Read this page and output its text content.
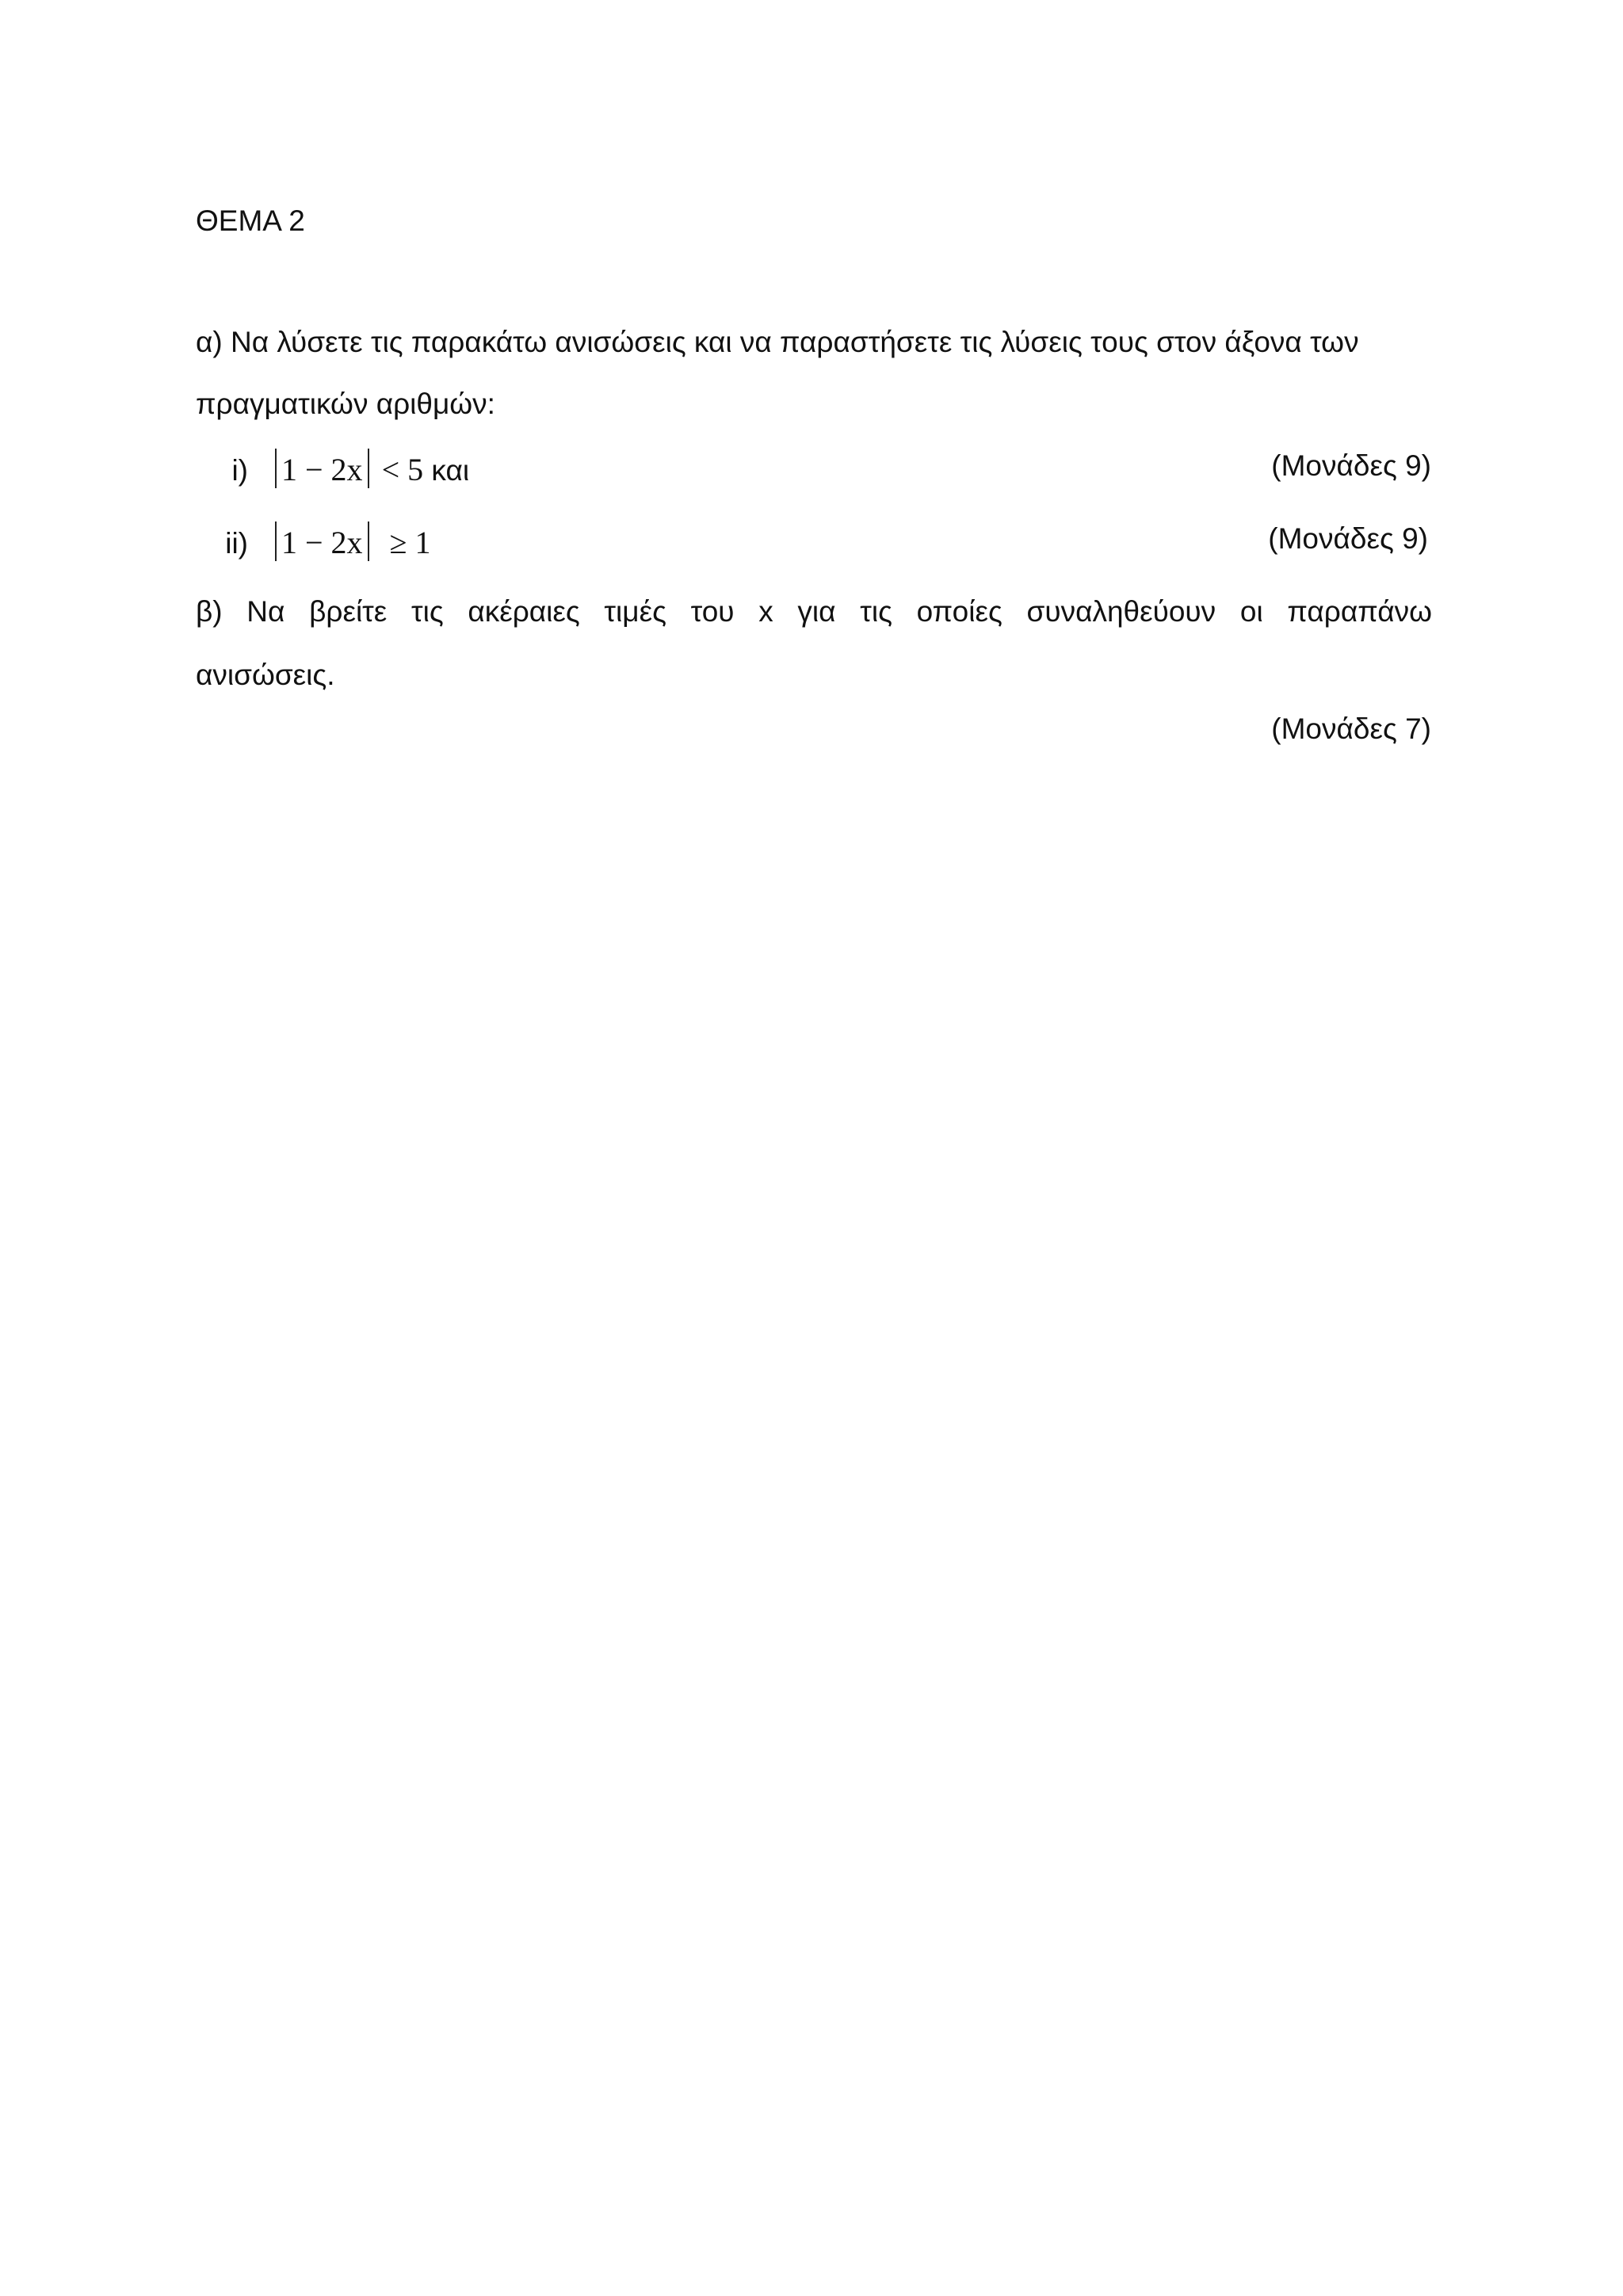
ΘΕΜΑ 2
α) Να λύσετε τις παρακάτω ανισώσεις και να παραστήσετε τις λύσεις τους στον άξονα των
πραγματικών αριθμών:
i) 1 − 2x < 5 και	(Μονάδες 9)
ii) 1 − 2x ≥ 1	(Μονάδες 9)
β) Να βρείτε τις ακέραιες τιμές του x για τις οποίες συναληθεύουν οι παραπάνω
ανισώσεις.
(Μονάδες 7)
